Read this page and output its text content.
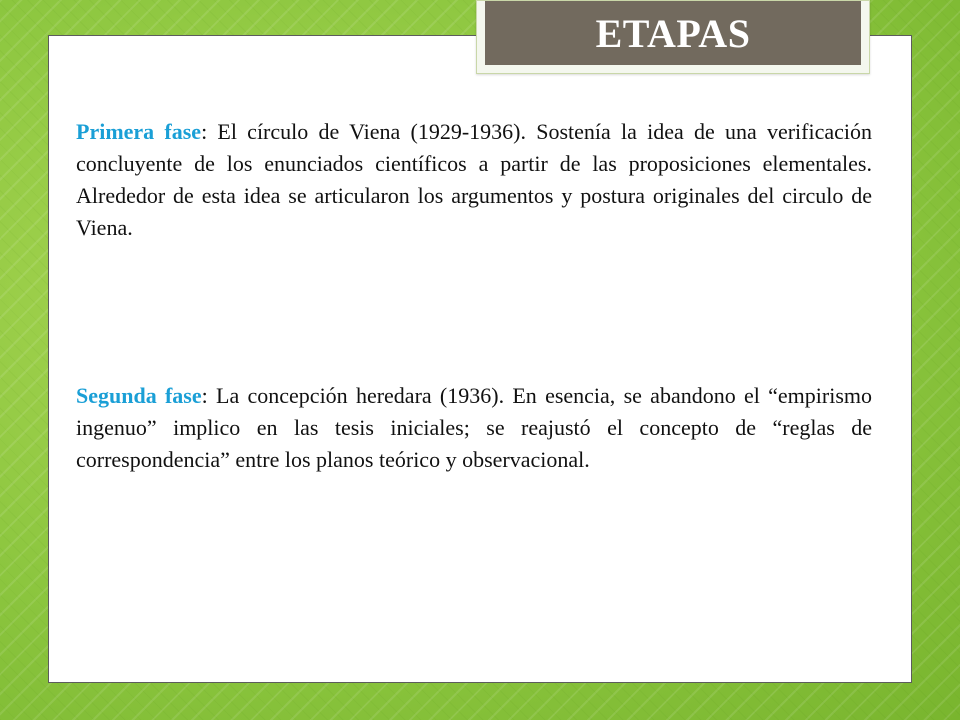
ETAPAS

Primera fase: El círculo de Viena (1929-1936). Sostenía la idea de una verificación concluyente de los enunciados científicos a partir de las proposiciones elementales. Alrededor de esta idea se articularon los argumentos y postura originales del circulo de Viena.

Segunda fase: La concepción heredara (1936). En esencia, se abandono el “empirismo ingenuo” implico en las tesis iniciales; se reajustó el concepto de “reglas de correspondencia” entre los planos teórico y observacional.
